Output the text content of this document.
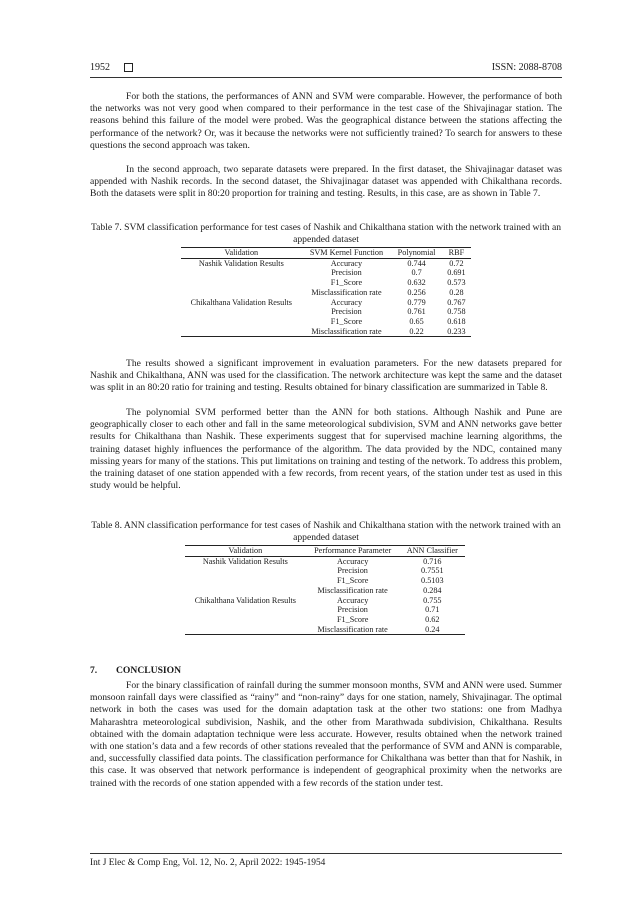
1952	ISSN: 2088-8708

For both the stations, the performances of ANN and SVM were comparable. However, the performance of both the networks was not very good when compared to their performance in the test case of the Shivajinagar station. The reasons behind this failure of the model were probed. Was the geographical distance between the stations affecting the performance of the network? Or, was it because the networks were not sufficiently trained? To search for answers to these questions the second approach was taken.

In the second approach, two separate datasets were prepared. In the first dataset, the Shivajinagar dataset was appended with Nashik records. In the second dataset, the Shivajinagar dataset was appended with Chikalthana records. Both the datasets were split in 80:20 proportion for training and testing. Results, in this case, are as shown in Table 7.

Table 7. SVM classification performance for test cases of Nashik and Chikalthana station with the network trained with an appended dataset

Validation	SVM Kernel Function	Polynomial	RBF
Nashik Validation Results	Accuracy	0.744	0.72
	Precision	0.7	0.691
	F1_Score	0.632	0.573
	Misclassification rate	0.256	0.28
Chikalthana Validation Results	Accuracy	0.779	0.767
	Precision	0.761	0.758
	F1_Score	0.65	0.618
	Misclassification rate	0.22	0.233

The results showed a significant improvement in evaluation parameters. For the new datasets prepared for Nashik and Chikalthana, ANN was used for the classification. The network architecture was kept the same and the dataset was split in an 80:20 ratio for training and testing. Results obtained for binary classification are summarized in Table 8.

The polynomial SVM performed better than the ANN for both stations. Although Nashik and Pune are geographically closer to each other and fall in the same meteorological subdivision, SVM and ANN networks gave better results for Chikalthana than Nashik. These experiments suggest that for supervised machine learning algorithms, the training dataset highly influences the performance of the algorithm. The data provided by the NDC, contained many missing years for many of the stations. This put limitations on training and testing of the network. To address this problem, the training dataset of one station appended with a few records, from recent years, of the station under test as used in this study would be helpful.

Table 8. ANN classification performance for test cases of Nashik and Chikalthana station with the network trained with an appended dataset

Validation	Performance Parameter	ANN Classifier
Nashik Validation Results	Accuracy	0.716
	Precision	0.7551
	F1_Score	0.5103
	Misclassification rate	0.284
Chikalthana Validation Results	Accuracy	0.755
	Precision	0.71
	F1_Score	0.62
	Misclassification rate	0.24
7. CONCLUSION

For the binary classification of rainfall during the summer monsoon months, SVM and ANN were used. Summer monsoon rainfall days were classified as “rainy” and “non-rainy” days for one station, namely, Shivajinagar. The optimal network in both the cases was used for the domain adaptation task at the other two stations: one from Madhya Maharashtra meteorological subdivision, Nashik, and the other from Marathwada subdivision, Chikalthana. Results obtained with the domain adaptation technique were less accurate. However, results obtained when the network trained with one station’s data and a few records of other stations revealed that the performance of SVM and ANN is comparable, and, successfully classified data points. The classification performance for Chikalthana was better than that for Nashik, in this case. It was observed that network performance is independent of geographical proximity when the networks are trained with the records of one station appended with a few records of the station under test.

Int J Elec & Comp Eng, Vol. 12, No. 2, April 2022: 1945-1954
